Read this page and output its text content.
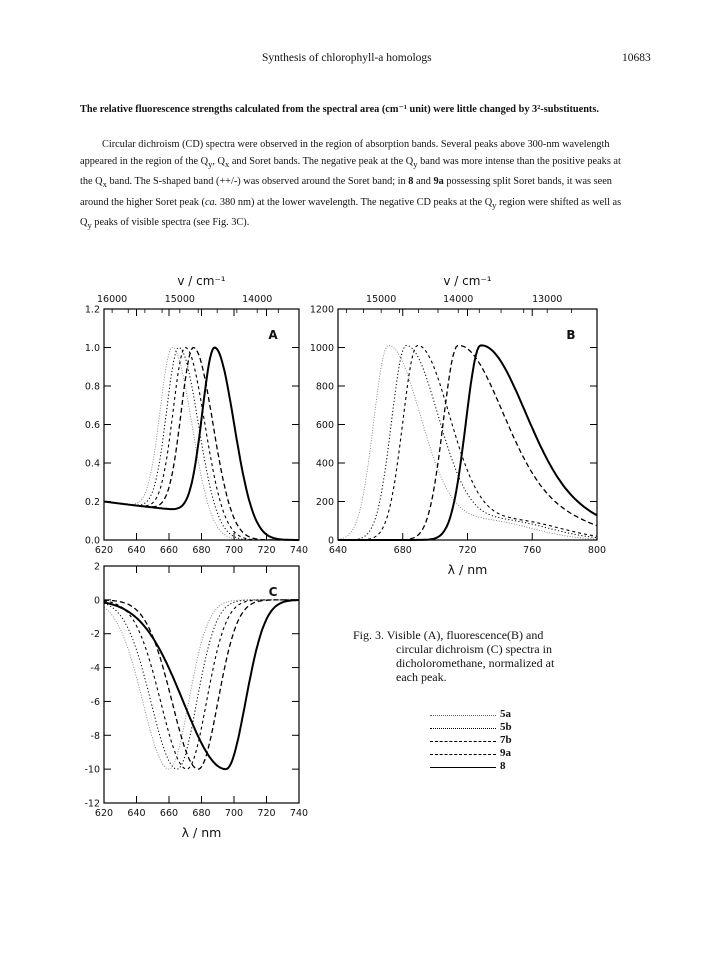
Synthesis of chlorophyll-a homologs	10683
The relative fluorescence strengths calculated from the spectral area (cm⁻¹ unit) were little changed by 3²-substituents.
Circular dichroism (CD) spectra were observed in the region of absorption bands. Several peaks above 300-nm wavelength appeared in the region of the $Q_y$, $Q_x$ and Soret bands. The negative peak at the $Q_y$ band was more intense than the positive peaks at the $Q_x$ band. The S-shaped band (++/-) was observed around the Soret band; in 8 and 9a possessing split Soret bands, it was seen around the higher Soret peak (ca. 380 nm) at the lower wavelength. The negative CD peaks at the $Q_y$ region were shifted as well as $Q_y$ peaks of visible spectra (see Fig. 3C).
620 640 660 680 700 720 740
0.0
0.2
0.4
0.6
0.8
1.0
1.2
16000	15000	14000
v / cm⁻¹
A
640	680	720	760	800
0
200
400
600
800
1000
1200
15000	14000	13000
v / cm⁻¹
B
λ / nm
620 640 660 680 700 720 740
2
0
-2
-4
-6
-8
-10
-12
C
λ / nm
Fig. 3. Visible (A), fluorescence(B) and
circular dichroism (C) spectra in
dicholoromethane, normalized at
each peak.
5a
5b
7b
9a
8
